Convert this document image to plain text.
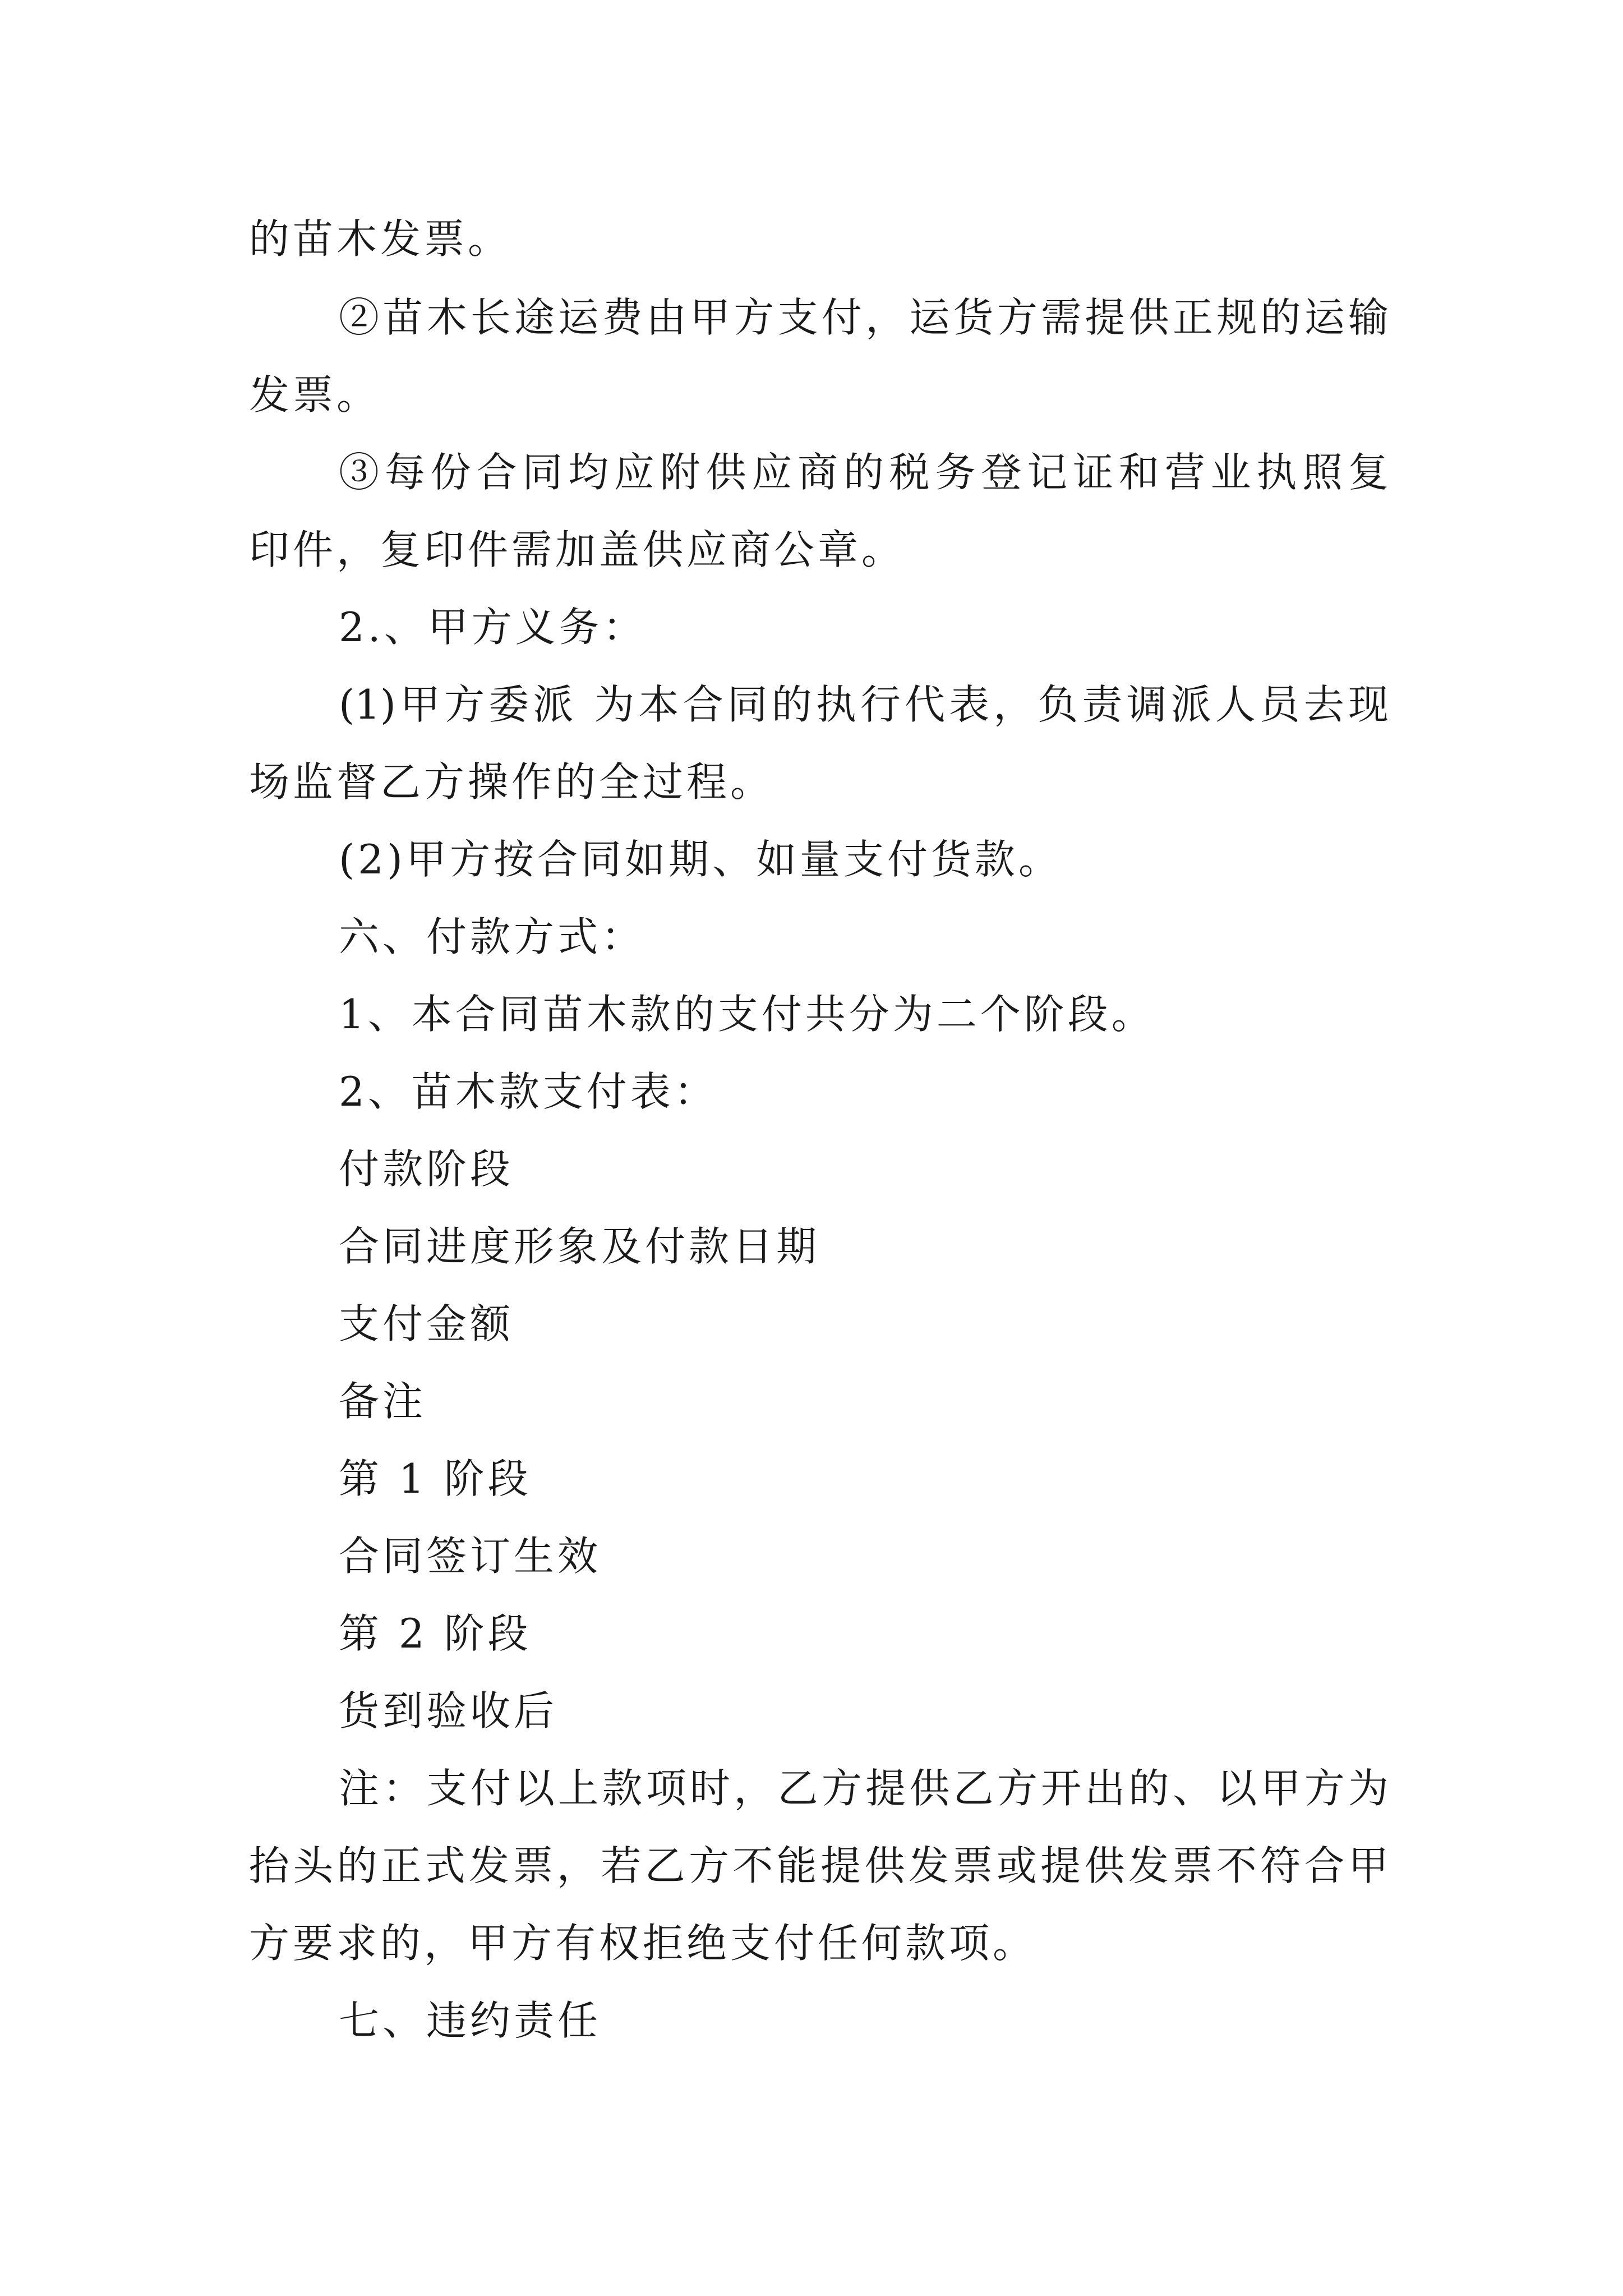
的苗木发票。
②苗木长途运费由甲方支付，运货方需提供正规的运输
发票。
③每份合同均应附供应商的税务登记证和营业执照复
印件，复印件需加盖供应商公章。
2.、甲方义务：
(1)甲方委派 为本合同的执行代表，负责调派人员去现
场监督乙方操作的全过程。
(2)甲方按合同如期、如量支付货款。
六、付款方式：
1、本合同苗木款的支付共分为二个阶段。
2、苗木款支付表：
付款阶段
合同进度形象及付款日期
支付金额
备注
第 1 阶段
合同签订生效
第 2 阶段
货到验收后
注：支付以上款项时，乙方提供乙方开出的、以甲方为
抬头的正式发票，若乙方不能提供发票或提供发票不符合甲
方要求的，甲方有权拒绝支付任何款项。
七、违约责任
